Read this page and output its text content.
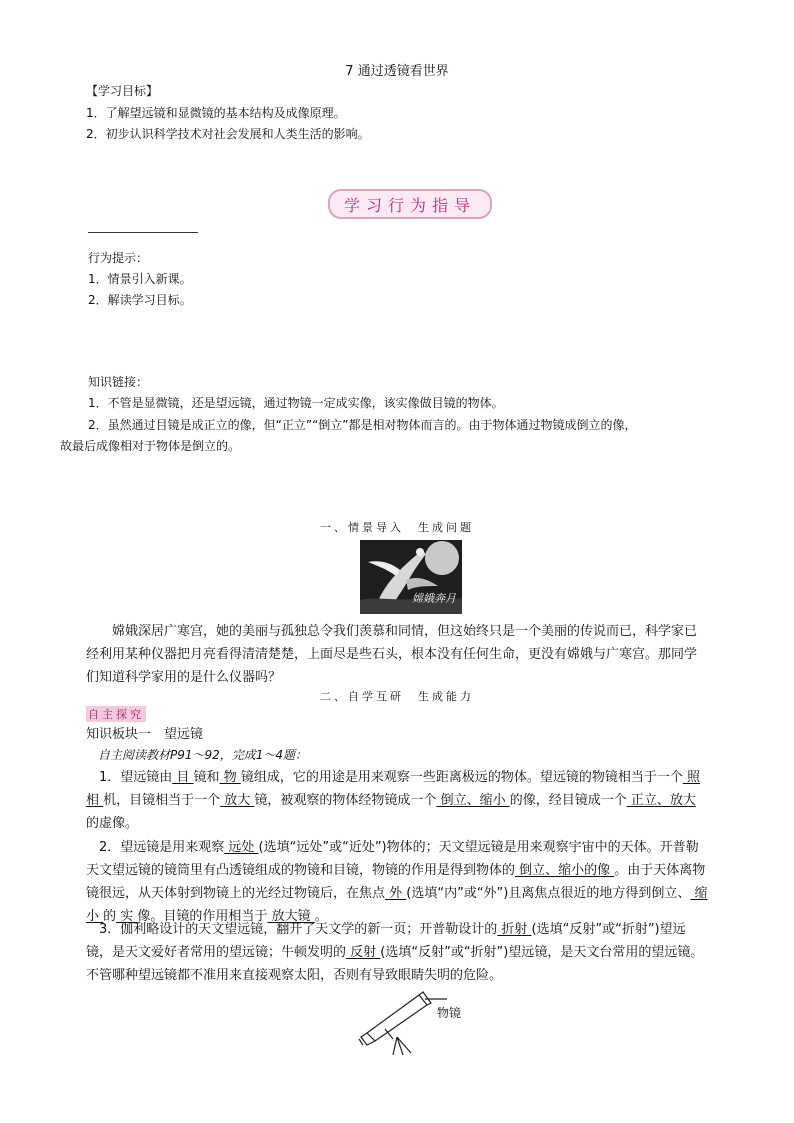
7 通过透镜看世界
【学习目标】
1．了解望远镜和显微镜的基本结构及成像原理。
2．初步认识科学技术对社会发展和人类生活的影响。
学习行为指导
行为提示：
1．情景引入新课。
2．解读学习目标。
知识链接：
1．不管是显微镜，还是望远镜，通过物镜一定成实像，该实像做目镜的物体。
2．虽然通过目镜是成正立的像，但“正立”“倒立”都是相对物体而言的。由于物体通过物镜成倒立的像，
故最后成像相对于物体是倒立的。
一、情景导入　生成问题
嫦娥奔月
嫦娥深居广寒宫，她的美丽与孤独总令我们羡慕和同情，但这始终只是一个美丽的传说而已，科学家已经利用某种仪器把月亮看得清清楚楚，上面尽是些石头，根本没有任何生命，更没有嫦娥与广寒宫。那同学们知道科学家用的是什么仪器吗？
二、自学互研　生成能力
自主探究
知识板块一　望远镜
自主阅读教材P91～92，完成1～4题：
1．望远镜由 目 镜和 物 镜组成，它的用途是用来观察一些距离极远的物体。望远镜的物镜相当于一个 照相 机，目镜相当于一个 放大 镜，被观察的物体经物镜成一个 倒立、缩小 的像，经目镜成一个 正立、放大 的虚像。
2．望远镜是用来观察 远处 (选填“远处”或“近处”)物体的；天文望远镜是用来观察宇宙中的天体。开普勒天文望远镜的镜筒里有凸透镜组成的物镜和目镜，物镜的作用是得到物体的 倒立、缩小的像 。由于天体离物镜很远，从天体射到物镜上的光经过物镜后，在焦点 外 (选填“内”或“外”)且离焦点很近的地方得到倒立、 缩小 的 实 像。目镜的作用相当于 放大镜 。
3．伽利略设计的天文望远镜，翻开了天文学的新一页；开普勒设计的 折射 (选填“反射”或“折射”)望远镜，是天文爱好者常用的望远镜；牛顿发明的 反射 (选填“反射”或“折射”)望远镜，是天文台常用的望远镜。不管哪种望远镜都不准用来直接观察太阳，否则有导致眼睛失明的危险。
物镜
